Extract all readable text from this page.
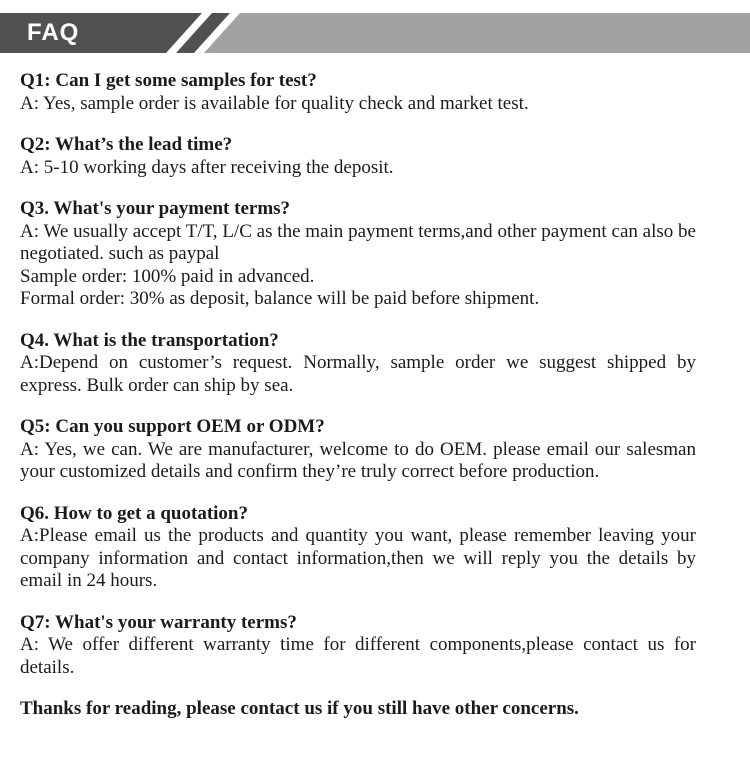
FAQ

Q1: Can I get some samples for test?

A: Yes, sample order is available for quality check and market test.

Q2: What’s the lead time?

A: 5-10 working days after receiving the deposit.

Q3. What's your payment terms?

A: We usually accept T/T, L/C as the main payment terms,and other payment can also be negotiated. such as paypal

Sample order: 100% paid in advanced.

Formal order: 30% as deposit, balance will be paid before shipment.

Q4. What is the transportation?

A:Depend on customer’s request. Normally, sample order we suggest shipped by express. Bulk order can ship by sea.

Q5: Can you support OEM or ODM?

A: Yes, we can. We are manufacturer, welcome to do OEM. please email our salesman your customized details and confirm they’re truly correct before production.

Q6. How to get a quotation?

A:Please email us the products and quantity you want, please remember leaving your company information and contact information,then we will reply you the details by email in 24 hours.

Q7: What's your warranty terms?

A: We offer different warranty time for different components,please contact us for details.

Thanks for reading, please contact us if you still have other concerns.
